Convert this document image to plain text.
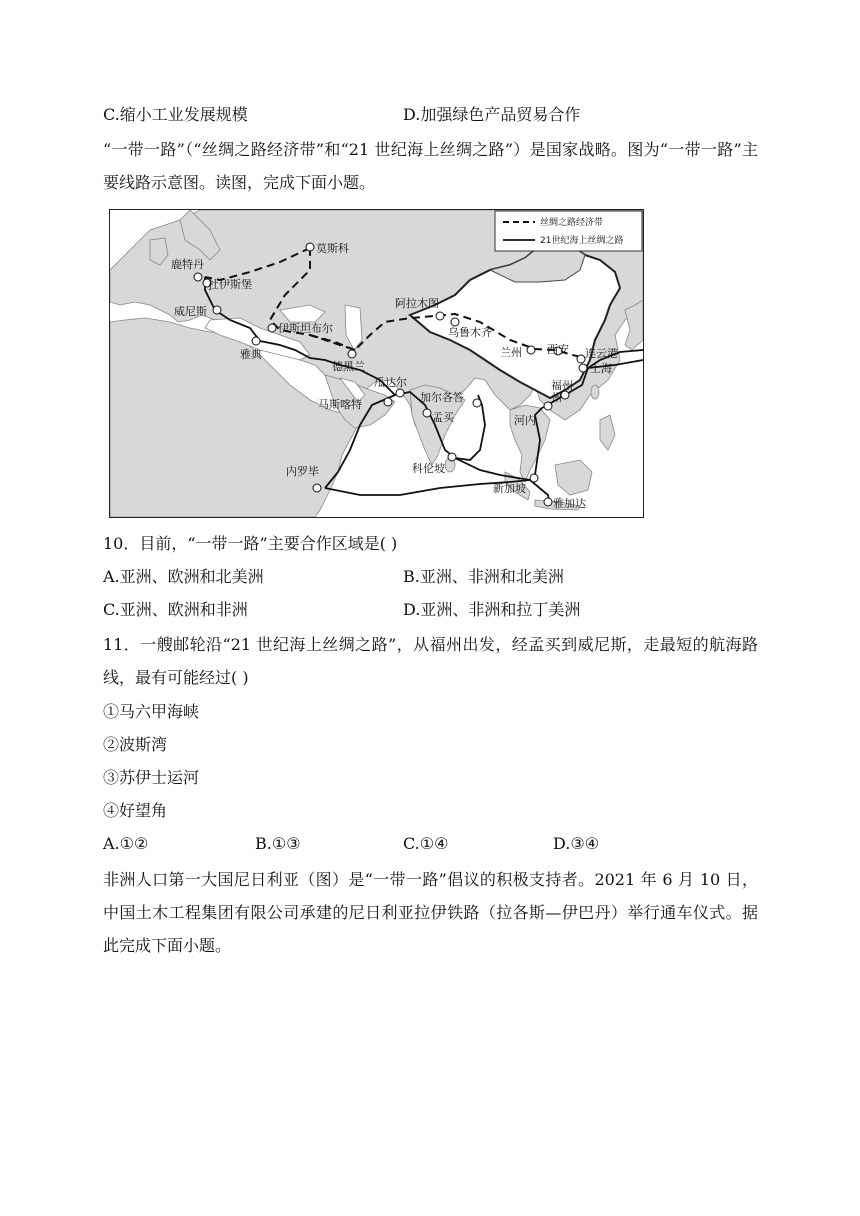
C.缩小工业发展规模	D.加强绿色产品贸易合作
“一带一路”（“丝绸之路经济带”和“21 世纪海上丝绸之路”）是国家战略。图为“一带一路”主要线路示意图。读图，完成下面小题。
丝绸之路经济带
21世纪海上丝绸之路
莫斯科
鹿特丹
杜伊斯堡
威尼斯
伊斯坦布尔
雅典
德黑兰
阿拉木图
乌鲁木齐
兰州 西安 连云港
上海
福州
州
河内
瓜达尔
马斯喀特
加尔各答
孟买
科伦坡
内罗毕
新加坡
雅加达
10．目前，“一带一路”主要合作区域是( )
A.亚洲、欧洲和北美洲	B.亚洲、非洲和北美洲
C.亚洲、欧洲和非洲	D.亚洲、非洲和拉丁美洲
11．一艘邮轮沿“21 世纪海上丝绸之路”，从福州出发，经孟买到威尼斯，走最短的航海路线，最有可能经过( )
①马六甲海峡
②波斯湾
③苏伊士运河
④好望角
A.①②	B.①③	C.①④	D.③④
非洲人口第一大国尼日利亚（图）是“一带一路”倡议的积极支持者。2021 年 6 月 10 日，中国土木工程集团有限公司承建的尼日利亚拉伊铁路（拉各斯—伊巴丹）举行通车仪式。据此完成下面小题。
